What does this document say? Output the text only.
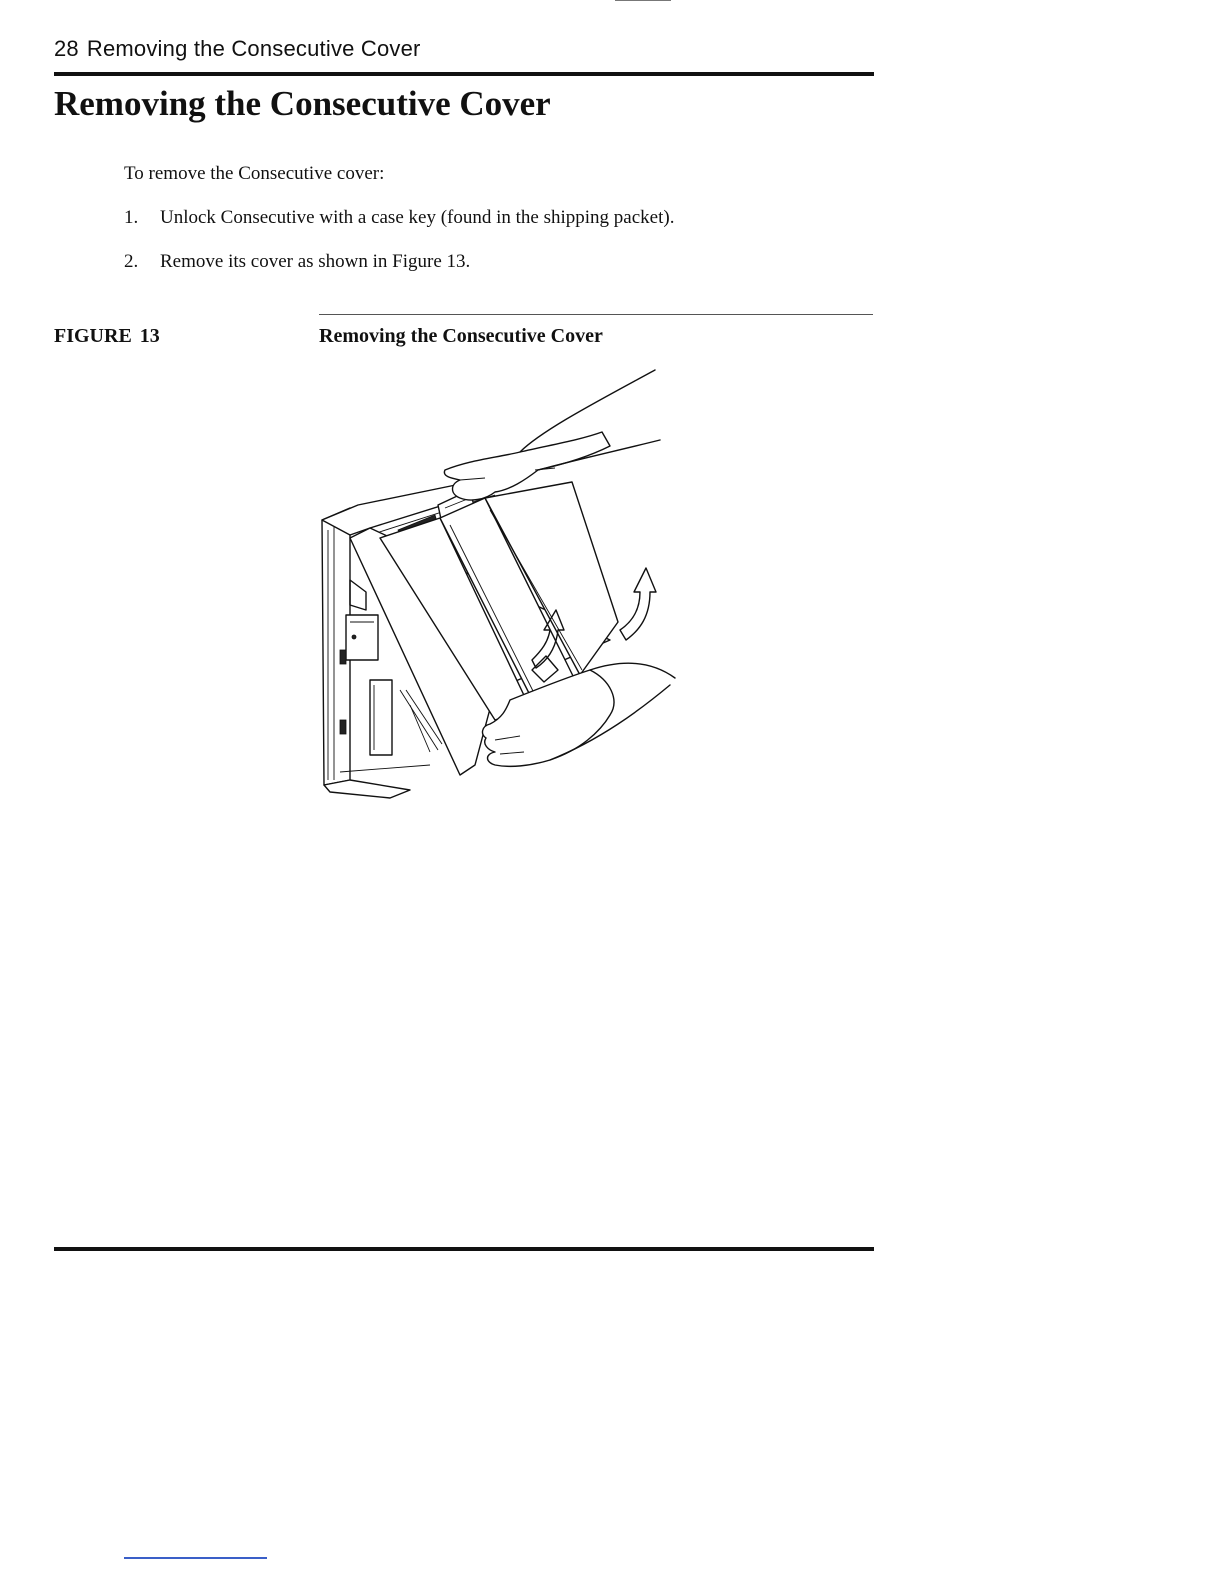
28 Removing the Consecutive Cover
Removing the Consecutive Cover
To remove the Consecutive cover:
1. Unlock Consecutive with a case key (found in the shipping packet).
2. Remove its cover as shown in Figure 13.
FIGURE 13	Removing the Consecutive Cover
